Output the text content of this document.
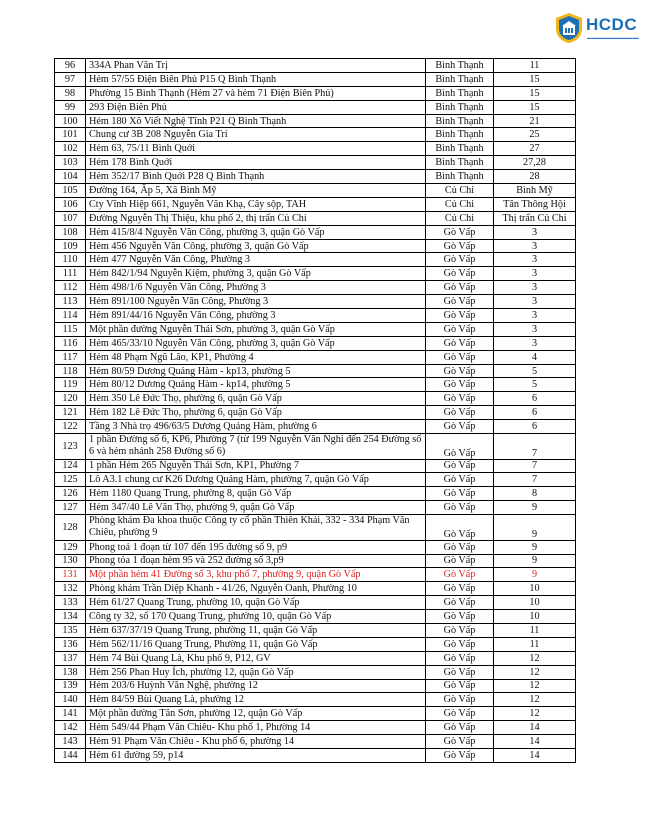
HCDC
▬▬▬▬▬▬▬▬▬▬▬▬▬
96	334A Phan Văn Trị	Bình Thạnh	11
97	Hẻm 57/55 Điện Biên Phủ P15 Q Bình Thạnh	Bình Thạnh	15
98	Phường 15 Bình Thạnh (Hẻm 27 và hẻm 71 Điện Biên Phủ)	Bình Thạnh	15
99	293 Điện Biên Phủ	Bình Thạnh	15
100	Hẻm 180 Xô Viết Nghệ Tĩnh P21 Q Bình Thạnh	Bình Thạnh	21
101	Chung cư 3B 208 Nguyễn Gia Trí	Bình Thạnh	25
102	Hẻm 63, 75/11 Bình Quới	Bình Thạnh	27
103	Hẻm 178 Bình Quới	Bình Thạnh	27,28
104	Hẻm 352/17 Bình Quới P28 Q Bình Thạnh	Bình Thạnh	28
105	Đường 164, Ấp 5, Xã Bình Mỹ	Củ Chi	Bình Mỹ
106	Cty Vĩnh Hiệp 661, Nguyễn Văn Khạ, Cây sộp, TAH	Củ Chi	Tân Thông Hội
107	Đường Nguyễn Thị Thiệu, khu phố 2, thị trấn Củ Chi	Củ Chi	Thị trấn Củ Chi
108	Hẻm 415/8/4 Nguyễn Văn Công, phường 3, quận Gò Vấp	Gò Vấp	3
109	Hẻm 456 Nguyễn Văn Công, phường 3, quận Gò Vấp	Gò Vấp	3
110	Hẻm 477 Nguyễn Văn Công, Phường 3	Gò Vấp	3
111	Hẻm 842/1/94 Nguyễn Kiệm, phường 3, quận Gò Vấp	Gò Vấp	3
112	Hẻm 498/1/6 Nguyễn Văn Công, Phường 3	Gò Vấp	3
113	Hẻm 891/100 Nguyễn Văn Công, Phường 3	Gò Vấp	3
114	Hẻm 891/44/16 Nguyễn Văn Công, phường 3	Gò Vấp	3
115	Một phần đường Nguyễn Thái Sơn, phường 3, quận Gò Vấp	Gò Vấp	3
116	Hẻm 465/33/10 Nguyễn Văn Công, phường 3, quận Gò Vấp	Gò Vấp	3
117	Hẻm 48 Phạm Ngũ Lão, KP1, Phường 4	Gò Vấp	4
118	Hẻm 80/59 Dương Quảng Hàm - kp13, phường 5	Gò Vấp	5
119	Hẻm 80/12 Dương Quảng Hàm - kp14, phường 5	Gò Vấp	5
120	Hẻm 350 Lê Đức Thọ, phường 6, quận Gò Vấp	Gò Vấp	6
121	Hẻm 182 Lê Đức Thọ, phường 6, quận Gò Vấp	Gò Vấp	6
122	Tầng 3 Nhà trọ 496/63/5 Dương Quảng Hàm, phường 6	Gò Vấp	6
123	1 phần Đường số 6, KP6, Phường 7 (từ 199 Nguyễn Văn Nghi đến 254 Đường số 6 và hẻm nhánh 258 Đường số 6)	Gò Vấp	7
124	1 phần Hẻm 265 Nguyễn Thái Sơn, KP1, Phường 7	Gò Vấp	7
125	Lô A3.1 chung cư K26 Dương Quảng Hàm, phường 7, quận Gò Vấp	Gò Vấp	7
126	Hẻm 1180 Quang Trung, phường 8, quận Gò Vấp	Gò Vấp	8
127	Hẻm 347/40 Lê Văn Thọ, phường 9, quận Gò Vấp	Gò Vấp	9
128	Phòng khám Đa khoa thuộc Công ty cổ phần Thiên Khải, 332 - 334 Phạm Văn Chiêu, phường 9	Gò Vấp	9
129	Phong toả 1 đoạn từ 107 đến 195 đường số 9, p9	Gò Vấp	9
130	Phong tỏa 1 đoạn hẻm 95 và 252 đường số 3,p9	Gò Vấp	9
131	Một phần hẻm 41 Đường số 3, khu phố 7, phường 9, quận Gò Vấp	Gò Vấp	9
132	Phòng khám Trần Diệp Khanh - 41/26, Nguyễn Oanh, Phường 10	Gò Vấp	10
133	Hẻm 61/27 Quang Trung, phường 10, quận Gò Vấp	Gò Vấp	10
134	Công ty 32, số 170 Quang Trung, phường 10, quận Gò Vấp	Gò Vấp	10
135	Hẻm 637/37/19 Quang Trung, phường 11, quận Gò Vấp	Gò Vấp	11
136	Hẻm 562/11/16 Quang Trung, Phường 11, quận Gò Vấp	Gò Vấp	11
137	Hẻm 74 Bùi Quang Là, Khu phố 9, P12, GV	Gò Vấp	12
138	Hẻm 256 Phan Huy Ích, phường 12, quận Gò Vấp	Gò Vấp	12
139	Hẻm 203/6 Huỳnh Văn Nghệ, phường 12	Gò Vấp	12
140	Hẻm 84/59 Bùi Quang Là, phường 12	Gò Vấp	12
141	Một phần đường Tân Sơn, phường 12, quận Gò Vấp	Gò Vấp	12
142	Hẻm 549/44 Phạm Văn Chiêu- Khu phố 1, Phường 14	Gò Vấp	14
143	Hẻm 91 Phạm Văn Chiêu - Khu phố 6, phường 14	Gò Vấp	14
144	Hẻm 61 đường 59, p14	Gò Vấp	14
